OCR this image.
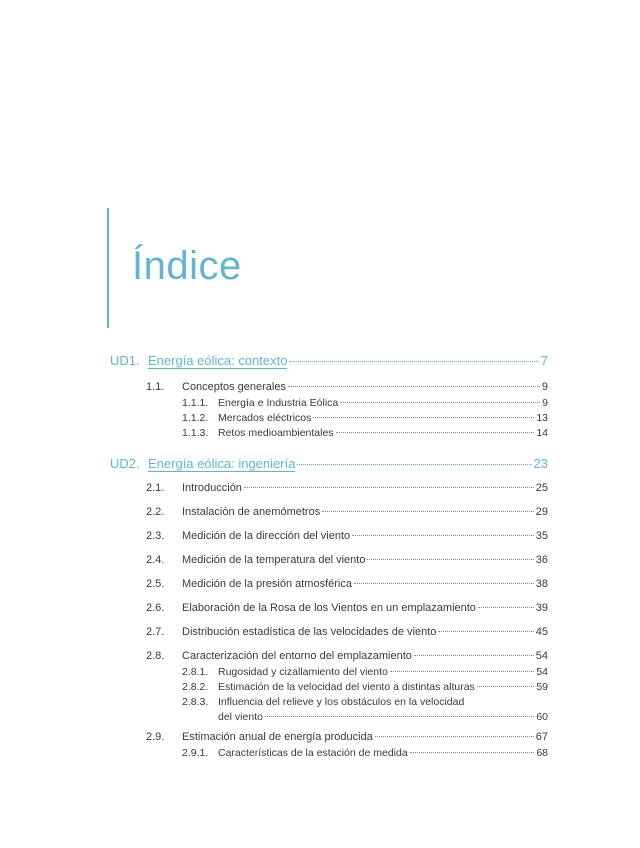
Índice
UD1. Energía eólica: contexto	7
1.1.	Conceptos generales	9
1.1.1. Energía e Industria Eólica	9
1.1.2. Mercados eléctricos	13
1.1.3. Retos medioambientales	14
UD2. Energía eólica: ingeniería	23
2.1.	Introducción	25
2.2.	Instalación de anemómetros	29
2.3.	Medición de la dirección del viento	35
2.4.	Medición de la temperatura del viento	36
2.5.	Medición de la presión atmosférica	38
2.6.	Elaboración de la Rosa de los Vientos en un emplazamiento	39
2.7.	Distribución estadística de las velocidades de viento	45
2.8.	Caracterización del entorno del emplazamiento	54
2.8.1. Rugosidad y cizallamiento del viento	54
2.8.2. Estimación de la velocidad del viento a distintas alturas	59
2.8.3. Influencia del relieve y los obstáculos en la velocidad
del viento	60
2.9.	Estimación anual de energía producida	67
2.9.1. Características de la estación de medida	68
